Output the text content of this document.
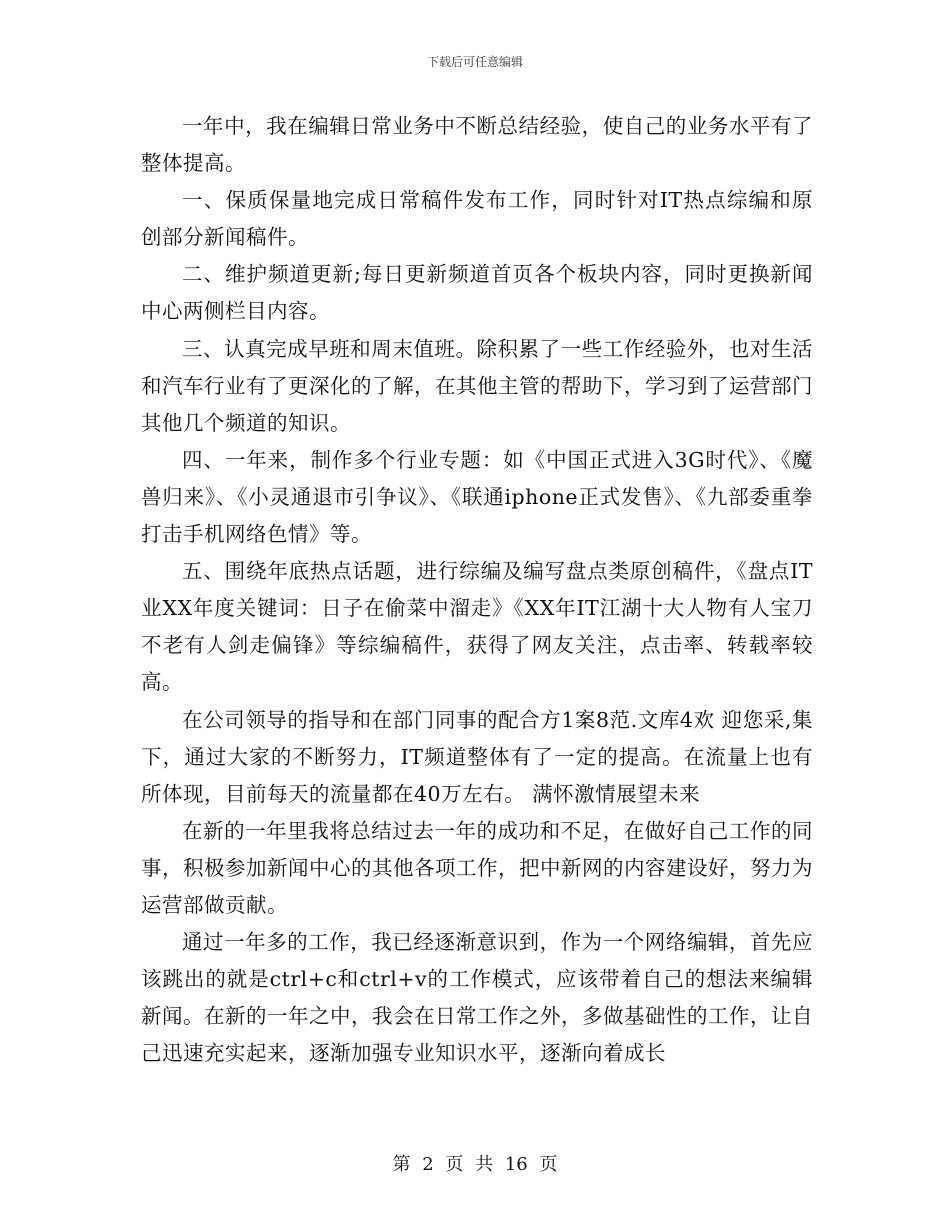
下载后可任意编辑

一年中，我在编辑日常业务中不断总结经验，使自己的业务水平有了整体提高。

一、保质保量地完成日常稿件发布工作，同时针对IT热点综编和原创部分新闻稿件。

二、维护频道更新;每日更新频道首页各个板块内容，同时更换新闻中心两侧栏目内容。

三、认真完成早班和周末值班。除积累了一些工作经验外，也对生活和汽车行业有了更深化的了解，在其他主管的帮助下，学习到了运营部门其他几个频道的知识。

四、一年来，制作多个行业专题：如《中国正式进入3G时代》、《魔兽归来》、《小灵通退市引争议》、《联通iphone正式发售》、《九部委重拳打击手机网络色情》等。

五、围绕年底热点话题，进行综编及编写盘点类原创稿件，《盘点IT业XX年度关键词：日子在偷菜中溜走》《XX年IT江湖十大人物有人宝刀不老有人剑走偏锋》等综编稿件，获得了网友关注，点击率、转载率较高。

在公司领导的指导和在部门同事的配合方1案8范.文库4欢 迎您采,集下，通过大家的不断努力，IT频道整体有了一定的提高。在流量上也有所体现，目前每天的流量都在40万左右。 满怀激情展望未来

在新的一年里我将总结过去一年的成功和不足，在做好自己工作的同事，积极参加新闻中心的其他各项工作，把中新网的内容建设好，努力为运营部做贡献。

通过一年多的工作，我已经逐渐意识到，作为一个网络编辑，首先应该跳出的就是ctrl+c和ctrl+v的工作模式，应该带着自己的想法来编辑新闻。在新的一年之中，我会在日常工作之外，多做基础性的工作，让自己迅速充实起来，逐渐加强专业知识水平，逐渐向着成长

第 2 页 共 16 页
